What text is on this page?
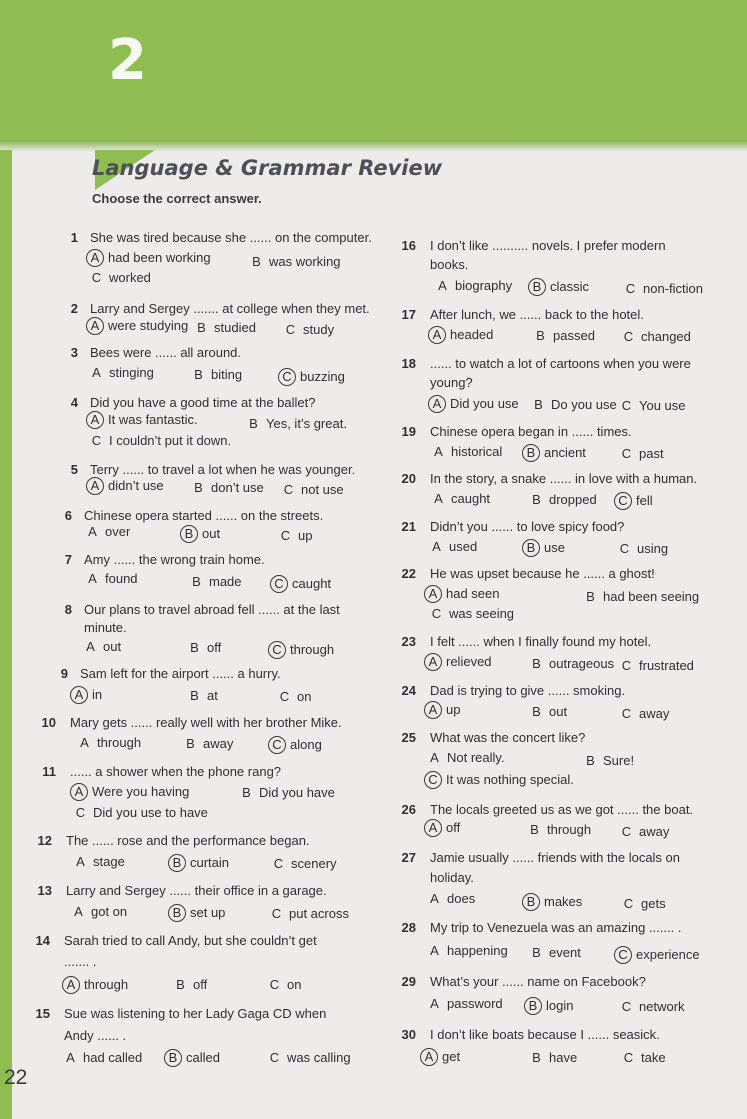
2
Language & Grammar Review
Choose the correct answer.
22
1 She was tired because she ...... on the computer.
A had been working	B was working
C worked
2 Larry and Sergey ....... at college when they met.
A were studying B studied C study
3 Bees were ...... all around.
A stinging	B biting	C buzzing
4 Did you have a good time at the ballet?
A It was fantastic.	B Yes, it’s great.
C I couldn’t put it down.
5 Terry ...... to travel a lot when he was younger.
A didn’t use	B don’t use C not use
6 Chinese opera started ...... on the streets.
A over	B out	C up
7 Amy ...... the wrong train home.
A found	B made	C caught
8 Our plans to travel abroad fell ...... at the last
minute.
A out	B off	C through
9 Sam left for the airport ...... a hurry.
A in	B at	C on
10 Mary gets ...... really well with her brother Mike.
A through	B away	C along
11 ...... a shower when the phone rang?
A Were you having	B Did you have
C Did you use to have
12 The ...... rose and the performance began.
A stage	B curtain	C scenery
13 Larry and Sergey ...... their office in a garage.
A got on	B set up	C put across
14 Sarah tried to call Andy, but she couldn’t get
....... .
A through	B off	C on
15 Sue was listening to her Lady Gaga CD when
Andy ...... .
A had called B called	C was calling
16 I don’t like .......... novels. I prefer modern
books.
A biography B classic	C non-fiction
17 After lunch, we ...... back to the hotel.
A headed	B passed C changed
18 ...... to watch a lot of cartoons when you were
young?
A Did you use	B Do you use C You use
19 Chinese opera began in ...... times.
A historical B ancient	C past
20 In the story, a snake ...... in love with a human.
A caught	B dropped C fell
21 Didn’t you ...... to love spicy food?
A used	B use	C using
22 He was upset because he ...... a ghost!
A had seen	B had been seeing
C was seeing
23 I felt ...... when I finally found my hotel.
A relieved	B outrageous C frustrated
24 Dad is trying to give ...... smoking.
A up	B out	C away
25 What was the concert like?
A Not really.	B Sure!
C It was nothing special.
26 The locals greeted us as we got ...... the boat.
A off	B through C away
27 Jamie usually ...... friends with the locals on
holiday.
A does	B makes	C gets
28 My trip to Venezuela was an amazing ....... .
A happening	B event	C experience
29 What’s your ...... name on Facebook?
A password B login	C network
30 I don’t like boats because I ...... seasick.
A get	B have	C take
